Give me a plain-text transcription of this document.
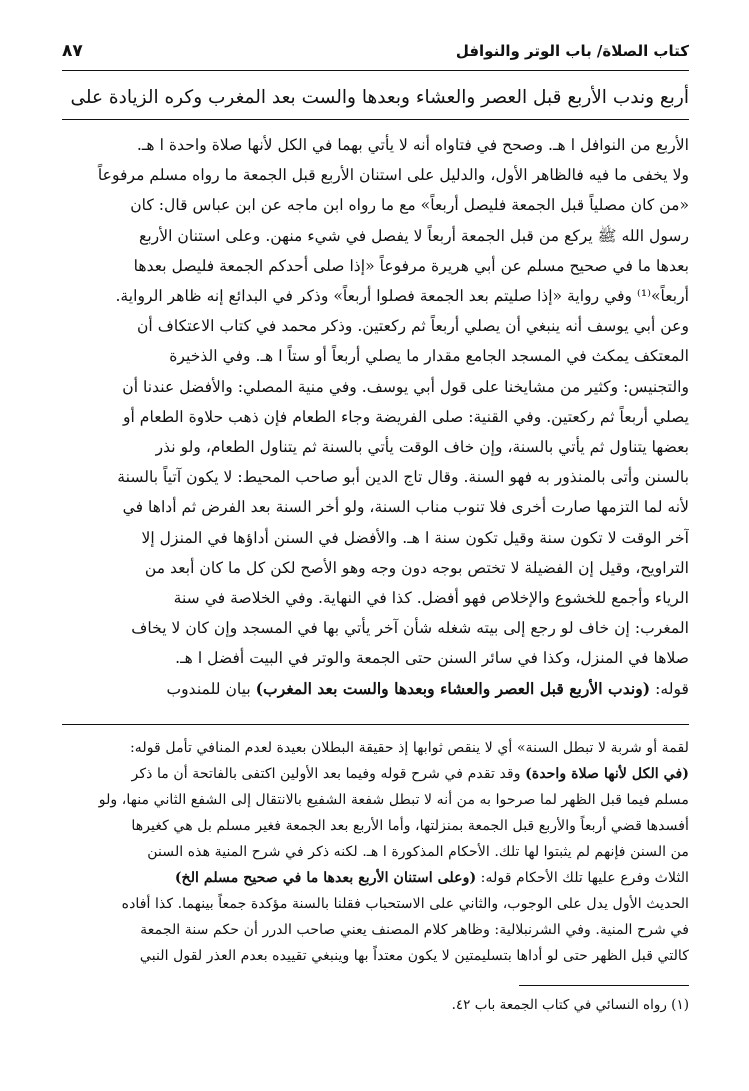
كتاب الصلاة/ باب الوتر والنوافل
٨٧
أربع وندب الأربع قبل العصر والعشاء وبعدها والست بعد المغرب وكره الزيادة على
الأربع من النوافل ا هـ. وصحح في فتاواه أنه لا يأتي بهما في الكل لأنها صلاة واحدة ا هـ.
ولا يخفى ما فيه فالظاهر الأول، والدليل على استنان الأربع قبل الجمعة ما رواه مسلم مرفوعاً
«من كان مصلياً قبل الجمعة فليصل أربعاً» مع ما رواه ابن ماجه عن ابن عباس قال: كان
رسول الله ﷺ يركع من قبل الجمعة أربعاً لا يفصل في شيء منهن. وعلى استنان الأربع
بعدها ما في صحيح مسلم عن أبي هريرة مرفوعاً «إذا صلى أحدكم الجمعة فليصل بعدها
أربعاً»⁽¹⁾ وفي رواية «إذا صليتم بعد الجمعة فصلوا أربعاً» وذكر في البدائع إنه ظاهر الرواية.
وعن أبي يوسف أنه ينبغي أن يصلي أربعاً ثم ركعتين. وذكر محمد في كتاب الاعتكاف أن
المعتكف يمكث في المسجد الجامع مقدار ما يصلي أربعاً أو ستاً ا هـ. وفي الذخيرة
والتجنيس: وكثير من مشايخنا على قول أبي يوسف. وفي منية المصلي: والأفضل عندنا أن
يصلي أربعاً ثم ركعتين. وفي القنية: صلى الفريضة وجاء الطعام فإن ذهب حلاوة الطعام أو
بعضها يتناول ثم يأتي بالسنة، وإن خاف الوقت يأتي بالسنة ثم يتناول الطعام، ولو نذر
بالسنن وأتى بالمنذور به فهو السنة. وقال تاج الدين أبو صاحب المحيط: لا يكون آتياً بالسنة
لأنه لما التزمها صارت أخرى فلا تنوب مناب السنة، ولو أخر السنة بعد الفرض ثم أداها في
آخر الوقت لا تكون سنة وقيل تكون سنة ا هـ. والأفضل في السنن أداؤها في المنزل إلا
التراويح، وقيل إن الفضيلة لا تختص بوجه دون وجه وهو الأصح لكن كل ما كان أبعد من
الرياء وأجمع للخشوع والإخلاص فهو أفضل. كذا في النهاية. وفي الخلاصة في سنة
المغرب: إن خاف لو رجع إلى بيته شغله شأن آخر يأتي بها في المسجد وإن كان لا يخاف
صلاها في المنزل، وكذا في سائر السنن حتى الجمعة والوتر في البيت أفضل ا هـ.
قوله: (وندب الأربع قبل العصر والعشاء وبعدها والست بعد المغرب) بيان للمندوب
لقمة أو شربة لا تبطل السنة» أي لا ينقص ثوابها إذ حقيقة البطلان بعيدة لعدم المنافي تأمل قوله:
(في الكل لأنها صلاة واحدة) وقد تقدم في شرح قوله وفيما بعد الأولين اكتفى بالفاتحة أن ما ذكر
مسلم فيما قبل الظهر لما صرحوا به من أنه لا تبطل شفعة الشفيع بالانتقال إلى الشفع الثاني منها، ولو
أفسدها قضي أربعاً والأربع قبل الجمعة بمنزلتها، وأما الأربع بعد الجمعة فغير مسلم بل هي كغيرها
من السنن فإنهم لم يثبتوا لها تلك. الأحكام المذكورة ا هـ. لكنه ذكر في شرح المنية هذه السنن
الثلاث وفرع عليها تلك الأحكام قوله: (وعلى استنان الأربع بعدها ما في صحيح مسلم الخ)
الحديث الأول يدل على الوجوب، والثاني على الاستحباب فقلنا بالسنة مؤكدة جمعاً بينهما. كذا أفاده
في شرح المنية. وفي الشرنبلالية: وظاهر كلام المصنف يعني صاحب الدرر أن حكم سنة الجمعة
كالتي قبل الظهر حتى لو أداها بتسليمتين لا يكون معتداً بها وينبغي تقييده بعدم العذر لقول النبي
(١) رواه النسائي في كتاب الجمعة باب ٤٢.
